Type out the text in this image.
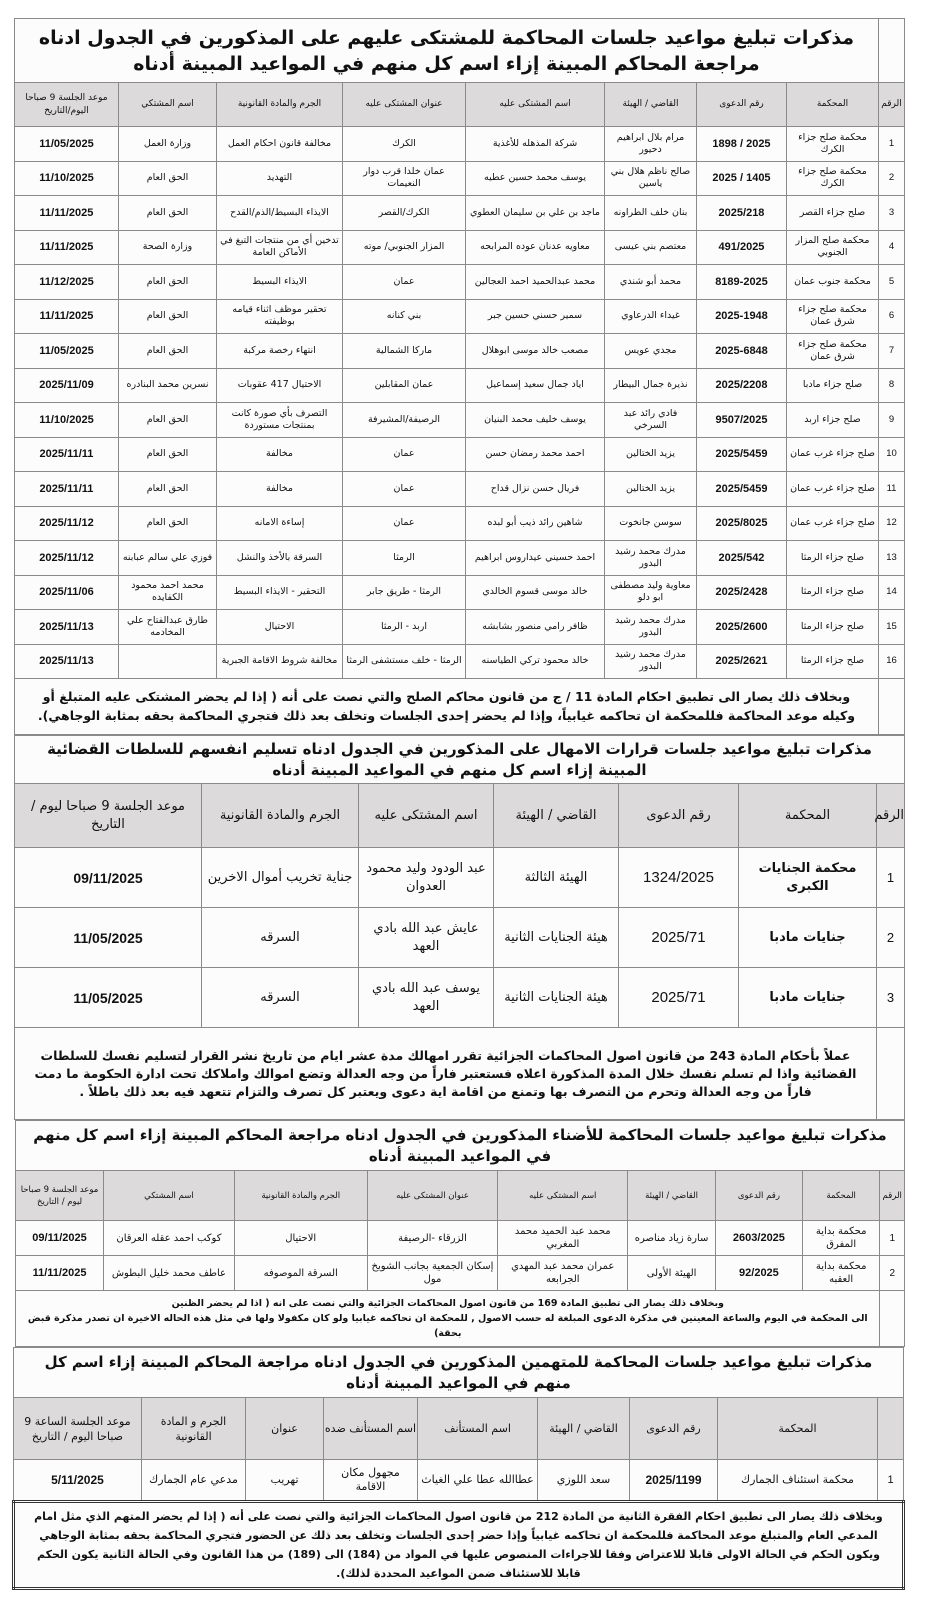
	مذكرات تبليغ مواعيد جلسات المحاكمة للمشتكى عليهم على المذكورين في الجدول ادناه مراجعة المحاكم المبينة إزاء اسم كل منهم في المواعيد المبينة أدناه							
الرقم	المحكمة	رقم الدعوى	القاضي / الهيئة	اسم المشتكى عليه	عنوان المشتكى عليه	الجرم والمادة القانونية	اسم المشتكي	موعد الجلسة 9 صباحا اليوم/التاريخ
1	محكمة صلح جزاء الكرك	2025 / 1898	مرام بلال ابراهيم دحيور	شركة المذهله للأغذية	الكرك	مخالفة قانون احكام العمل	وزارة العمل	11/05/2025
2	محكمة صلح جزاء الكرك	1405 / 2025	صالح ناظم هلال بني ياسين	يوسف محمد حسين عطيه	عمان خلدا قرب دوار النعيمات	التهديد	الحق العام	11/10/2025
3	صلح جزاء القصر	2025/218	بنان خلف الطراونه	ماجد بن علي بن سليمان العطوي	الكرك/القصر	الايذاء البسيط/الذم/القدح	الحق العام	11/11/2025
4	محكمة صلح المزار الجنوبي	491/2025	معتصم بني عيسى	معاويه عدنان عوده المرابحه	المزار الجنوبي/ موته	تدخين أي من منتجات التبغ في الأماكن العامة	وزارة الصحة	11/11/2025
5	محكمة جنوب عمان	8189-2025	محمد أبو شندي	محمد عبدالحميد احمد العجالين	عمان	الايذاء البسيط	الحق العام	11/12/2025
6	محكمة صلح جزاء شرق عمان	2025-1948	غيداء الدرعاوي	سمير حسني حسين جبر	بني كنانه	تحقير موظف اثناء قيامه بوظيفته	الحق العام	11/11/2025
7	محكمة صلح جزاء شرق عمان	2025-6848	مجدي عويس	مصعب خالد موسى ابوهلال	ماركا الشمالية	انتهاء رخصة مركبة	الحق العام	11/05/2025
8	صلح جزاء مادبا	2025/2208	نذيرة جمال البيطار	اياد جمال سعيد إسماعيل	عمان المقابلين	الاحتيال 417 عقوبات	نسرين محمد البنادره	2025/11/09
9	صلح جزاء اربد	9507/2025	فادي رائد عبد السرخي	يوسف خليف محمد البنيان	الرصيفة/المشيرفة	التصرف بأي صورة كانت بمنتجات مستوردة	الحق العام	11/10/2025
10	صلح جزاء غرب عمان	2025/5459	يزيد الختالين	احمد محمد رمضان حسن	عمان	مخالفة	الحق العام	2025/11/11
11	صلح جزاء غرب عمان	2025/5459	يزيد الختالين	فريال حسن نزال قداح	عمان	مخالفة	الحق العام	2025/11/11
12	صلح جزاء غرب عمان	2025/8025	سوسن جانخوت	شاهين رائد ذيب أبو لبده	عمان	إساءة الامانه	الحق العام	2025/11/12
13	صلح جزاء الرمثا	2025/542	مدرك محمد رشيد البدور	احمد حسيني عيداروس ابراهيم	الرمثا	السرقة بالأخذ والنشل	فوزي علي سالم عبابنه	2025/11/12
14	صلح جزاء الرمثا	2025/2428	معاوية وليد مصطفى ابو دلو	خالد موسى قسوم الخالدي	الرمثا - طريق جابر	التحقير - الايذاء البسيط	محمد احمد محمود الكفايده	2025/11/06
15	صلح جزاء الرمثا	2025/2600	مدرك محمد رشيد البدور	ظافر رامي منصور بشابشه	اربد - الرمثا	الاحتيال	طارق عبدالفتاح علي المخادمه	2025/11/13
16	صلح جزاء الرمثا	2025/2621	مدرك محمد رشيد البدور	خالد محمود تركي الطياسنه	الرمثا - خلف مستشفى الرمثا	مخالفة شروط الاقامة الجبرية		2025/11/13
	وبخلاف ذلك يصار الى تطبيق احكام المادة 11 / ج من قانون محاكم الصلح والتي نصت على أنه ( إذا لم يحضر المشتكى عليه المتبلغ أو وكيله موعد المحاكمة فللمحكمة ان تحاكمه غيابياً، وإذا لم يحضر إحدى الجلسات وتخلف بعد ذلك فتجري المحاكمة بحقه بمثابة الوجاهي).							
مذكرات تبليغ مواعيد جلسات قرارات الامهال على المذكورين في الجدول ادناه تسليم انفسهم للسلطات القضائية المبينة إزاء اسم كل منهم في المواعيد المبينة أدناه						
الرقم	المحكمة	رقم الدعوى	القاضي / الهيئة	اسم المشتكى عليه	الجرم والمادة القانونية	موعد الجلسة 9 صباحا ليوم / التاريخ
1	محكمة الجنايات الكبرى	1324/2025	الهيئة الثالثة	عبد الودود وليد محمود العدوان	جناية تخريب أموال الاخرين	09/11/2025
2	جنايات مادبا	2025/71	هيئة الجنايات الثانية	عايش عبد الله بادي العهد	السرقه	11/05/2025
3	جنايات مادبا	2025/71	هيئة الجنايات الثانية	يوسف عبد الله بادي العهد	السرقه	11/05/2025
	عملاً بأحكام المادة 243 من قانون اصول المحاكمات الجزائية تقرر امهالك مدة عشر ايام من تاريخ نشر القرار لتسليم نفسك للسلطات القضائية واذا لم تسلم نفسك خلال المدة المذكورة اعلاه فستعتبر فاراً من وجه العدالة وتضع اموالك واملاكك تحت ادارة الحكومة ما دمت فاراً من وجه العدالة وتحرم من التصرف بها وتمنع من اقامة اية دعوى ويعتبر كل تصرف والتزام تتعهد فيه بعد ذلك باطلاً .					
مذكرات تبليغ مواعيد جلسات المحاكمة للأضناء المذكورين في الجدول ادناه مراجعة المحاكم المبينة إزاء اسم كل منهم في المواعيد المبينة أدناه								
الرقم	المحكمة	رقم الدعوى	القاضي / الهيئة	اسم المشتكى عليه	عنوان المشتكى عليه	الجرم والمادة القانونية	اسم المشتكي	موعد الجلسة 9 صباحا ليوم / التاريخ
1	محكمة بداية المفرق	2603/2025	سارة زياد مناصره	محمد عبد الحميد محمد المغربي	الزرقاء -الرصيفة	الاحتيال	كوكب احمد عقله العرقان	09/11/2025
2	محكمة بداية العقبه	92/2025	الهيئة الأولى	عمران محمد عبد المهدي الجرابعه	إسكان الجمعية بجانب الشويخ مول	السرقة الموصوفه	عاطف محمد خليل البطوش	11/11/2025

	وبخلاف ذلك يصار الى تطبيق المادة 169 من قانون اصول المحاكمات الجزائية والتي نصت على انه ( اذا لم يحضر الظنين
الى المحكمة في اليوم والساعة المعينين في مذكرة الدعوى المبلغة له حسب الاصول , للمحكمة ان تحاكمه غيابيا ولو كان مكفولا ولها في مثل هذه الحاله الاخيرة ان تصدر مذكرة قبض بحقة)							
مذكرات تبليغ مواعيد جلسات المحاكمة للمتهمين المذكورين في الجدول ادناه مراجعة المحاكم المبينة إزاء اسم كل منهم في المواعيد المبينة أدناه								
	المحكمة	رقم الدعوى	القاضي / الهيئة	اسم المستأنف	اسم المستأنف ضده	عنوان	الجرم و المادة القانونية	موعد الجلسة الساعة 9 صباحا اليوم / التاريخ
1	محكمة استئناف الجمارك	2025/1199	سعد اللوزي	عطاالله عطا علي الغياث	مجهول مكان الاقامة	تهريب	مدعي عام الجمارك	5/11/2025
وبخلاف ذلك يصار الى تطبيق احكام الفقرة الثانية من المادة 212 من قانون اصول المحاكمات الجزائية والتي نصت على أنه ( إذا لم يحضر المتهم الذي مثل امام المدعي العام والمتبلغ موعد المحاكمة فللمحكمة ان تحاكمه غيابياً وإذا حضر إحدى الجلسات وتخلف بعد ذلك عن الحضور فتجري المحاكمة بحقه بمثابة الوجاهي ويكون الحكم في الحالة الاولى قابلا للاعتراض وفقا للاجراءات المنصوص عليها في المواد من (184) الى (189) من هذا القانون وفي الحالة الثانية يكون الحكم قابلا للاستئناف ضمن المواعيد المحددة لذلك).								
